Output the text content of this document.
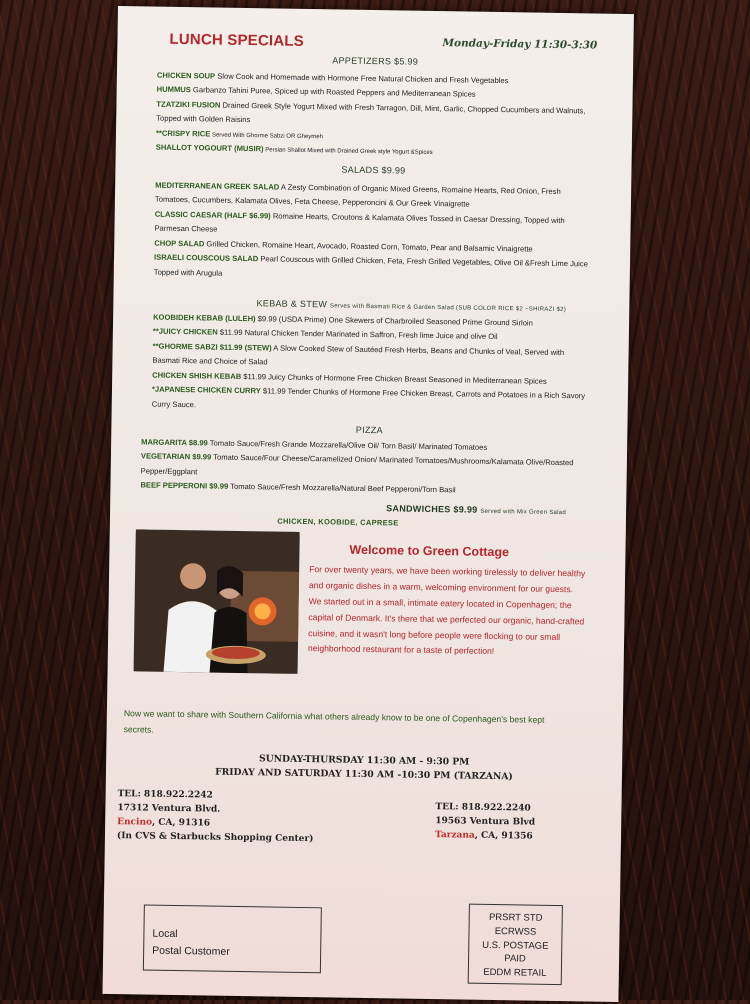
LUNCH SPECIALS	Monday-Friday 11:30-3:30
APPETIZERS $5.99

CHICKEN SOUP Slow Cook and Homemade with Hormone Free Natural Chicken and Fresh Vegetables

HUMMUS Garbanzo Tahini Puree, Spiced up with Roasted Peppers and Mediterranean Spices

TZATZIKI FUSION Drained Greek Style Yogurt Mixed with Fresh Tarragon, Dill, Mint, Garlic, Chopped Cucumbers and Walnuts, Topped with Golden Raisins

**CRISPY RICE Served With Ghorme Sabzi OR Gheymeh

SHALLOT YOGOURT (MUSIR) Persian Shallot Mixed with Drained Greek style Yogurt &Spices

SALADS $9.99

MEDITERRANEAN GREEK SALAD A Zesty Combination of Organic Mixed Greens, Romaine Hearts, Red Onion, Fresh Tomatoes, Cucumbers, Kalamata Olives, Feta Cheese, Pepperoncini & Our Greek Vinaigrette

CLASSIC CAESAR (HALF $6.99) Romaine Hearts, Croutons & Kalamata Olives Tossed in Caesar Dressing, Topped with Parmesan Cheese

CHOP SALAD Grilled Chicken, Romaine Heart, Avocado, Roasted Corn, Tomato, Pear and Balsamic Vinaigrette

ISRAELI COUSCOUS SALAD Pearl Couscous with Grilled Chicken, Feta, Fresh Grilled Vegetables, Olive Oil &Fresh Lime Juice Topped with Arugula

KEBAB & STEW Serves with Basmati Rice & Garden Salad (SUB COLOR RICE $2 ~SHIRAZI $2)

KOOBIDEH KEBAB (LULEH) $9.99 (USDA Prime) One Skewers of Charbroiled Seasoned Prime Ground Sirloin

**JUICY CHICKEN $11.99 Natural Chicken Tender Marinated in Saffron, Fresh lime Juice and olive Oil

**GHORME SABZI $11.99 (STEW) A Slow Cooked Stew of Sautéed Fresh Herbs, Beans and Chunks of Veal, Served with Basmati Rice and Choice of Salad

CHICKEN SHISH KEBAB $11.99 Juicy Chunks of Hormone Free Chicken Breast Seasoned in Mediterranean Spices

*JAPANESE CHICKEN CURRY $11.99 Tender Chunks of Hormone Free Chicken Breast, Carrots and Potatoes in a Rich Savory Curry Sauce.

PIZZA

MARGARITA $8.99 Tomato Sauce/Fresh Grande Mozzarella/Olive Oil/ Torn Basil/ Marinated Tomatoes

VEGETARIAN $9.99 Tomato Sauce/Four Cheese/Caramelized Onion/ Marinated Tomatoes/Mushrooms/Kalamata Olive/Roasted Pepper/Eggplant

BEEF PEPPERONI $9.99 Tomato Sauce/Fresh Mozzarella/Natural Beef Pepperoni/Torn Basil

SANDWICHES $9.99 Served with Mix Green Salad
CHICKEN, KOOBIDE, CAPRESE
Welcome to Green Cottage
For over twenty years, we have been working tirelessly to deliver healthy and organic dishes in a warm, welcoming environment for our guests.
We started out in a small, intimate eatery located in Copenhagen; the capital of Denmark. It's there that we perfected our organic, hand-crafted cuisine, and it wasn't long before people were flocking to our small neighborhood restaurant for a taste of perfection!
Now we want to share with Southern California what others already know to be one of Copenhagen's best kept secrets.
SUNDAY-THURSDAY 11:30 AM - 9:30 PM
FRIDAY AND SATURDAY 11:30 AM -10:30 PM (TARZANA)
TEL: 818.922.2242
17312 Ventura Blvd.
Encino, CA, 91316
(In CVS & Starbucks Shopping Center)
TEL: 818.922.2240
19563 Ventura Blvd
Tarzana, CA, 91356
Local
Postal Customer
PRSRT STD
ECRWSS
U.S. POSTAGE
PAID
EDDM RETAIL
